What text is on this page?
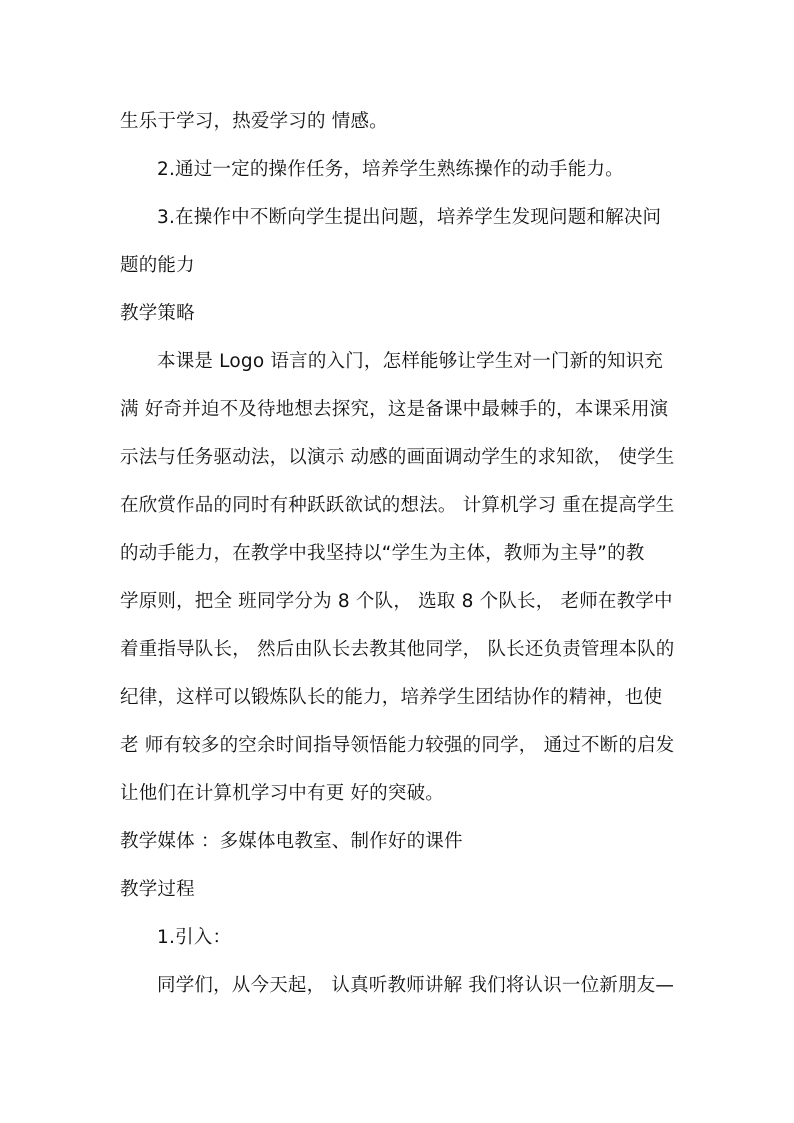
生乐于学习，热爱学习的 情感。
2.通过一定的操作任务，培养学生熟练操作的动手能力。
3.在操作中不断向学生提出问题，培养学生发现问题和解决问
题的能力
教学策略
本课是 Logo 语言的入门，怎样能够让学生对一门新的知识充
满 好奇并迫不及待地想去探究，这是备课中最棘手的，本课采用演
示法与任务驱动法，以演示 动感的画面调动学生的求知欲， 使学生
在欣赏作品的同时有种跃跃欲试的想法。 计算机学习 重在提高学生
的动手能力，在教学中我坚持以“学生为主体，教师为主导”的教
学原则，把全 班同学分为 8 个队， 选取 8 个队长， 老师在教学中
着重指导队长， 然后由队长去教其他同学， 队长还负责管理本队的
纪律，这样可以锻炼队长的能力，培养学生团结协作的精神，也使
老 师有较多的空余时间指导领悟能力较强的同学， 通过不断的启发
让他们在计算机学习中有更 好的突破。
教学媒体 ：多媒体电教室、制作好的课件
教学过程
1.引入：
同学们，从今天起， 认真听教师讲解 我们将认识一位新朋友—
